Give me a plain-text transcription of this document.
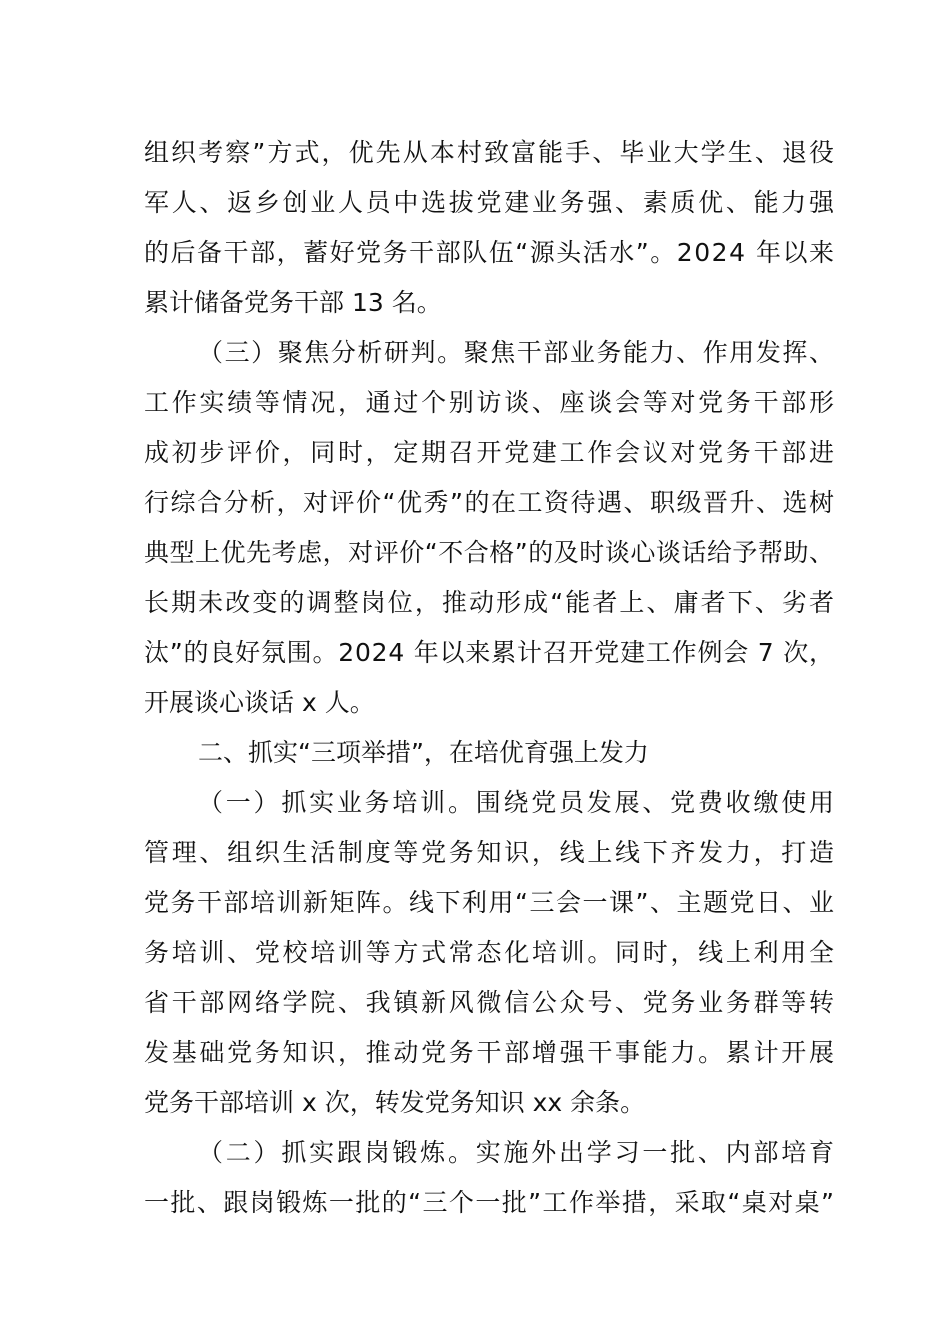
组织考察”方式，优先从本村致富能手、毕业大学生、退役
军人、返乡创业人员中选拔党建业务强、素质优、能力强
的后备干部，蓄好党务干部队伍“源头活水”。2024 年以来
累计储备党务干部 13 名。
（三）聚焦分析研判。聚焦干部业务能力、作用发挥、
工作实绩等情况，通过个别访谈、座谈会等对党务干部形
成初步评价，同时，定期召开党建工作会议对党务干部进
行综合分析，对评价“优秀”的在工资待遇、职级晋升、选树
典型上优先考虑，对评价“不合格”的及时谈心谈话给予帮助、
长期未改变的调整岗位，推动形成“能者上、庸者下、劣者
汰”的良好氛围。2024 年以来累计召开党建工作例会 7 次，
开展谈心谈话 x 人。
二、抓实“三项举措”，在培优育强上发力
（一）抓实业务培训。围绕党员发展、党费收缴使用
管理、组织生活制度等党务知识，线上线下齐发力，打造
党务干部培训新矩阵。线下利用“三会一课”、主题党日、业
务培训、党校培训等方式常态化培训。同时，线上利用全
省干部网络学院、我镇新风微信公众号、党务业务群等转
发基础党务知识，推动党务干部增强干事能力。累计开展
党务干部培训 x 次，转发党务知识 xx 余条。
（二）抓实跟岗锻炼。实施外出学习一批、内部培育
一批、跟岗锻炼一批的“三个一批”工作举措，采取“桌对桌”
